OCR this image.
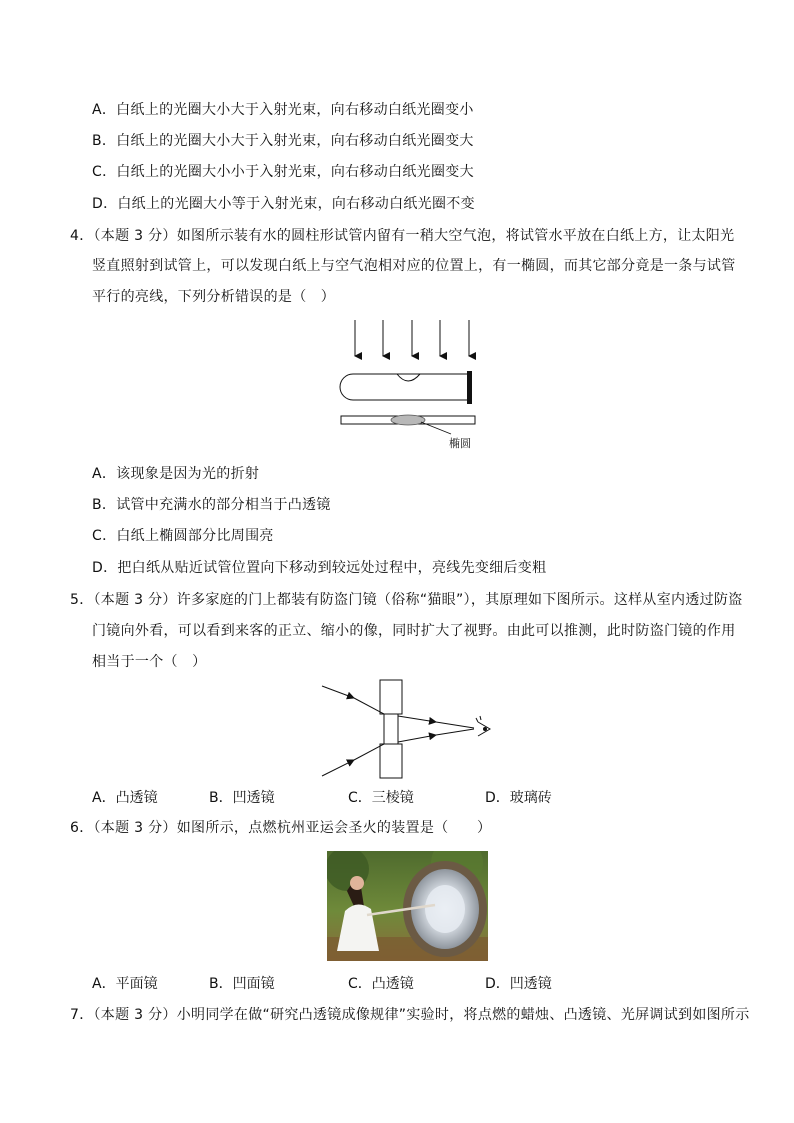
A．白纸上的光圈大小大于入射光束，向右移动白纸光圈变小
B．白纸上的光圈大小大于入射光束，向右移动白纸光圈变大
C．白纸上的光圈大小小于入射光束，向右移动白纸光圈变大
D．白纸上的光圈大小等于入射光束，向右移动白纸光圈不变
4．（本题 3 分）如图所示装有水的圆柱形试管内留有一稍大空气泡，将试管水平放在白纸上方，让太阳光
竖直照射到试管上，可以发现白纸上与空气泡相对应的位置上，有一椭圆，而其它部分竟是一条与试管
平行的亮线，下列分析错误的是（　）
椭圆
A．该现象是因为光的折射
B．试管中充满水的部分相当于凸透镜
C．白纸上椭圆部分比周围亮
D．把白纸从贴近试管位置向下移动到较远处过程中，亮线先变细后变粗
5．（本题 3 分）许多家庭的门上都装有防盗门镜（俗称“猫眼”），其原理如下图所示。这样从室内透过防盗
门镜向外看，可以看到来客的正立、缩小的像，同时扩大了视野。由此可以推测，此时防盗门镜的作用
相当于一个（　）
A．凸透镜	B．凹透镜	C．三棱镜	D．玻璃砖
6．（本题 3 分）如图所示，点燃杭州亚运会圣火的装置是（　　）
A．平面镜	B．凹面镜	C．凸透镜	D．凹透镜
7．（本题 3 分）小明同学在做“研究凸透镜成像规律”实验时，将点燃的蜡烛、凸透镜、光屏调试到如图所示
